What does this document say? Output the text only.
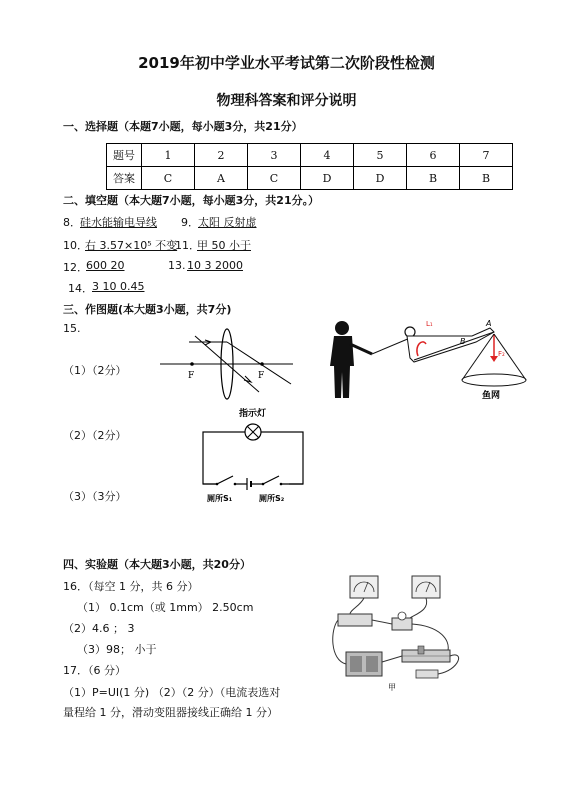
2019年初中学业水平考试第二次阶段性检测
物理科答案和评分说明
一、选择题（本题7小题，每小题3分，共21分）
题号	1	2	3	4	5	6	7
答案	C	A	C	D	D	B	B
二、填空题（本大题7小题，每小题3分，共21分。）
8． 硅水能输电导线 9． 太阳 反射虚
10．
右 3.57×10⁵ 不变
11．
甲 50 小于
12．
600 20	13. 10 3 2000
14． 3 10 0.45
三、作图题(本大题3小题，共7分)
15.
（1）（2分）
（2）（2分）
（3）（3分）
F	F
L₁
B
A
F₂
鱼网
指示灯
厕所S₁	厕所S₂
四、实验题（本大题3小题，共20分）
16．（每空 1 分，共 6 分）
（1） 0.1cm（或 1mm） 2.50cm
（2）4.6 ； 3
（3）98； 小于
17．（6 分）
（1）P=UI(1 分) （2）（2 分）（电流表选对
量程给 1 分，滑动变阻器接线正确给 1 分）
甲
